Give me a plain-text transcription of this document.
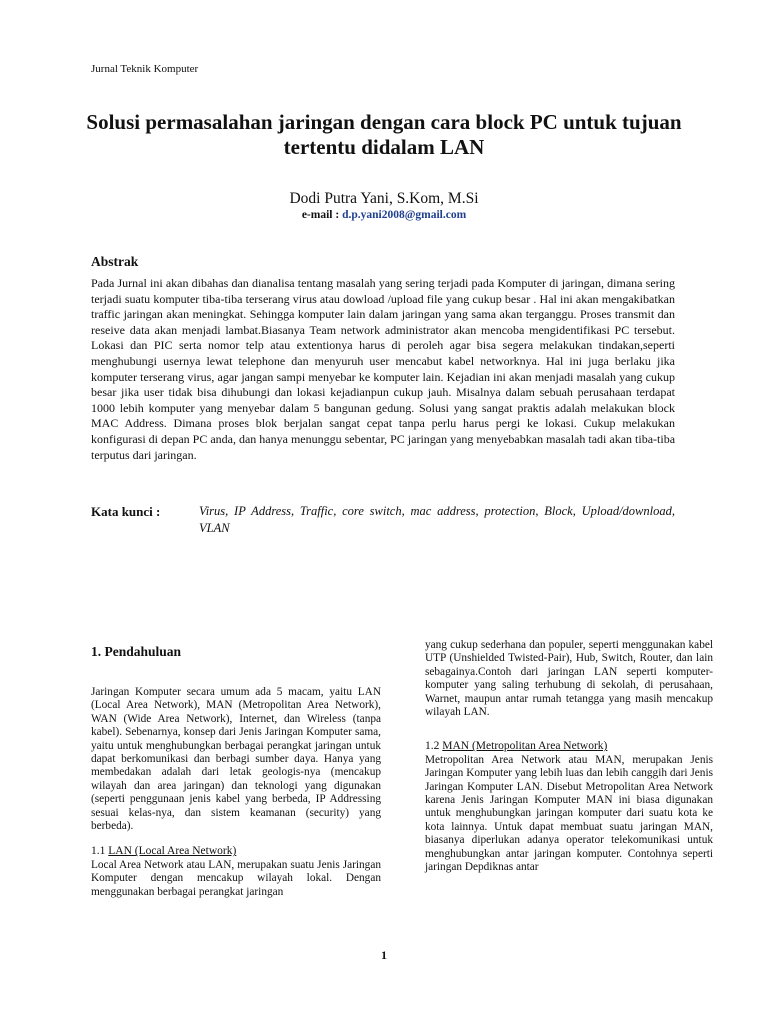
Jurnal Teknik Komputer
Solusi permasalahan jaringan dengan cara block PC untuk tujuan tertentu didalam LAN
Dodi Putra Yani, S.Kom, M.Si
e-mail : d.p.yani2008@gmail.com
Abstrak
Pada Jurnal ini akan dibahas dan dianalisa tentang masalah yang sering terjadi pada Komputer di jaringan, dimana sering terjadi suatu komputer tiba-tiba terserang virus atau dowload /upload file yang cukup besar . Hal ini akan mengakibatkan traffic jaringan akan meningkat. Sehingga komputer lain dalam jaringan yang sama akan terganggu. Proses transmit dan reseive data akan menjadi lambat.Biasanya Team network administrator akan mencoba mengidentifikasi PC tersebut. Lokasi dan PIC serta nomor telp atau extentionya harus di peroleh agar bisa segera melakukan tindakan,seperti menghubungi usernya lewat telephone dan menyuruh user mencabut kabel networknya. Hal ini juga berlaku jika komputer terserang virus, agar jangan sampi menyebar ke komputer lain. Kejadian ini akan menjadi masalah yang cukup besar jika user tidak bisa dihubungi dan lokasi kejadianpun cukup jauh. Misalnya dalam sebuah perusahaan terdapat 1000 lebih komputer yang menyebar dalam 5 bangunan gedung. Solusi yang sangat praktis adalah melakukan block MAC Address. Dimana proses blok berjalan sangat cepat tanpa perlu harus pergi ke lokasi. Cukup melakukan konfigurasi di depan PC anda, dan hanya menunggu sebentar, PC jaringan yang menyebabkan masalah tadi akan tiba-tiba terputus dari jaringan.
Kata kunci :	Virus, IP Address, Traffic, core switch, mac address, protection, Block, Upload/download, VLAN
1. Pendahuluan

Jaringan Komputer secara umum ada 5 macam, yaitu LAN (Local Area Network), MAN (Metropolitan Area Network), WAN (Wide Area Network), Internet, dan Wireless (tanpa kabel). Sebenarnya, konsep dari Jenis Jaringan Komputer sama, yaitu untuk menghubungkan berbagai perangkat jaringan untuk dapat berkomunikasi dan berbagi sumber daya. Hanya yang membedakan adalah dari letak geologis-nya (mencakup wilayah dan area jaringan) dan teknologi yang digunakan (seperti penggunaan jenis kabel yang berbeda, IP Addressing sesuai kelas-nya, dan sistem keamanan (security) yang berbeda).

1.1 LAN (Local Area Network)

Local Area Network atau LAN, merupakan suatu Jenis Jaringan Komputer dengan mencakup wilayah lokal. Dengan menggunakan berbagai perangkat jaringan

yang cukup sederhana dan populer, seperti menggunakan kabel UTP (Unshielded Twisted-Pair), Hub, Switch, Router, dan lain sebagainya.Contoh dari jaringan LAN seperti komputer-komputer yang saling terhubung di sekolah, di perusahaan, Warnet, maupun antar rumah tetangga yang masih mencakup wilayah LAN.

1.2 MAN (Metropolitan Area Network)

Metropolitan Area Network atau MAN, merupakan Jenis Jaringan Komputer yang lebih luas dan lebih canggih dari Jenis Jaringan Komputer LAN. Disebut Metropolitan Area Network karena Jenis Jaringan Komputer MAN ini biasa digunakan untuk menghubungkan jaringan komputer dari suatu kota ke kota lainnya. Untuk dapat membuat suatu jaringan MAN, biasanya diperlukan adanya operator telekomunikasi untuk menghubungkan antar jaringan komputer. Contohnya seperti jaringan Depdiknas antar

1
